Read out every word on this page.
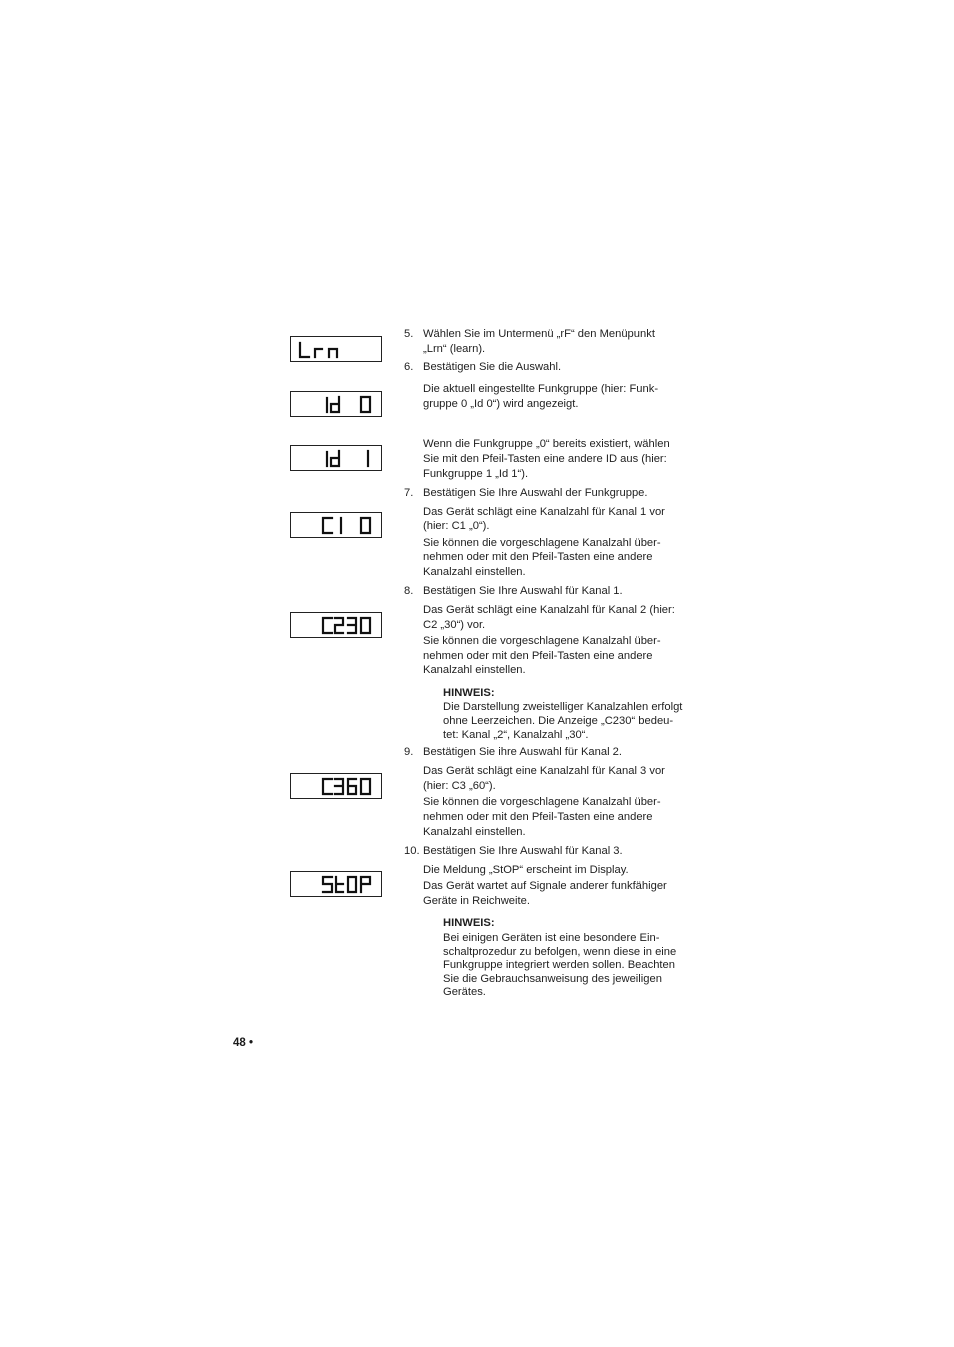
5. Wählen Sie im Untermenü „rF“ den Menüpunkt
„Lrn“ (learn).
6. Bestätigen Sie die Auswahl.
Die aktuell eingestellte Funkgruppe (hier: Funk-
gruppe 0 „Id 0“) wird angezeigt.
Wenn die Funkgruppe „0“ bereits existiert, wählen
Sie mit den Pfeil-Tasten eine andere ID aus (hier:
Funkgruppe 1 „Id 1“).
7. Bestätigen Sie Ihre Auswahl der Funkgruppe.
Das Gerät schlägt eine Kanalzahl für Kanal 1 vor
(hier: C1 „0“).
Sie können die vorgeschlagene Kanalzahl über-
nehmen oder mit den Pfeil-Tasten eine andere
Kanalzahl einstellen.
8. Bestätigen Sie Ihre Auswahl für Kanal 1.
Das Gerät schlägt eine Kanalzahl für Kanal 2 (hier:
C2 „30“) vor.
Sie können die vorgeschlagene Kanalzahl über-
nehmen oder mit den Pfeil-Tasten eine andere
Kanalzahl einstellen.
HINWEIS:
Die Darstellung zweistelliger Kanalzahlen erfolgt
ohne Leerzeichen. Die Anzeige „C230“ bedeu-
tet: Kanal „2“, Kanalzahl „30“.
9. Bestätigen Sie ihre Auswahl für Kanal 2.
Das Gerät schlägt eine Kanalzahl für Kanal 3 vor
(hier: C3 „60“).
Sie können die vorgeschlagene Kanalzahl über-
nehmen oder mit den Pfeil-Tasten eine andere
Kanalzahl einstellen.
10. Bestätigen Sie Ihre Auswahl für Kanal 3.
Die Meldung „StOP“ erscheint im Display.
Das Gerät wartet auf Signale anderer funkfähiger
Geräte in Reichweite.
HINWEIS:
Bei einigen Geräten ist eine besondere Ein-
schaltprozedur zu befolgen, wenn diese in eine
Funkgruppe integriert werden sollen. Beachten
Sie die Gebrauchsanweisung des jeweiligen
Gerätes.
48 •
